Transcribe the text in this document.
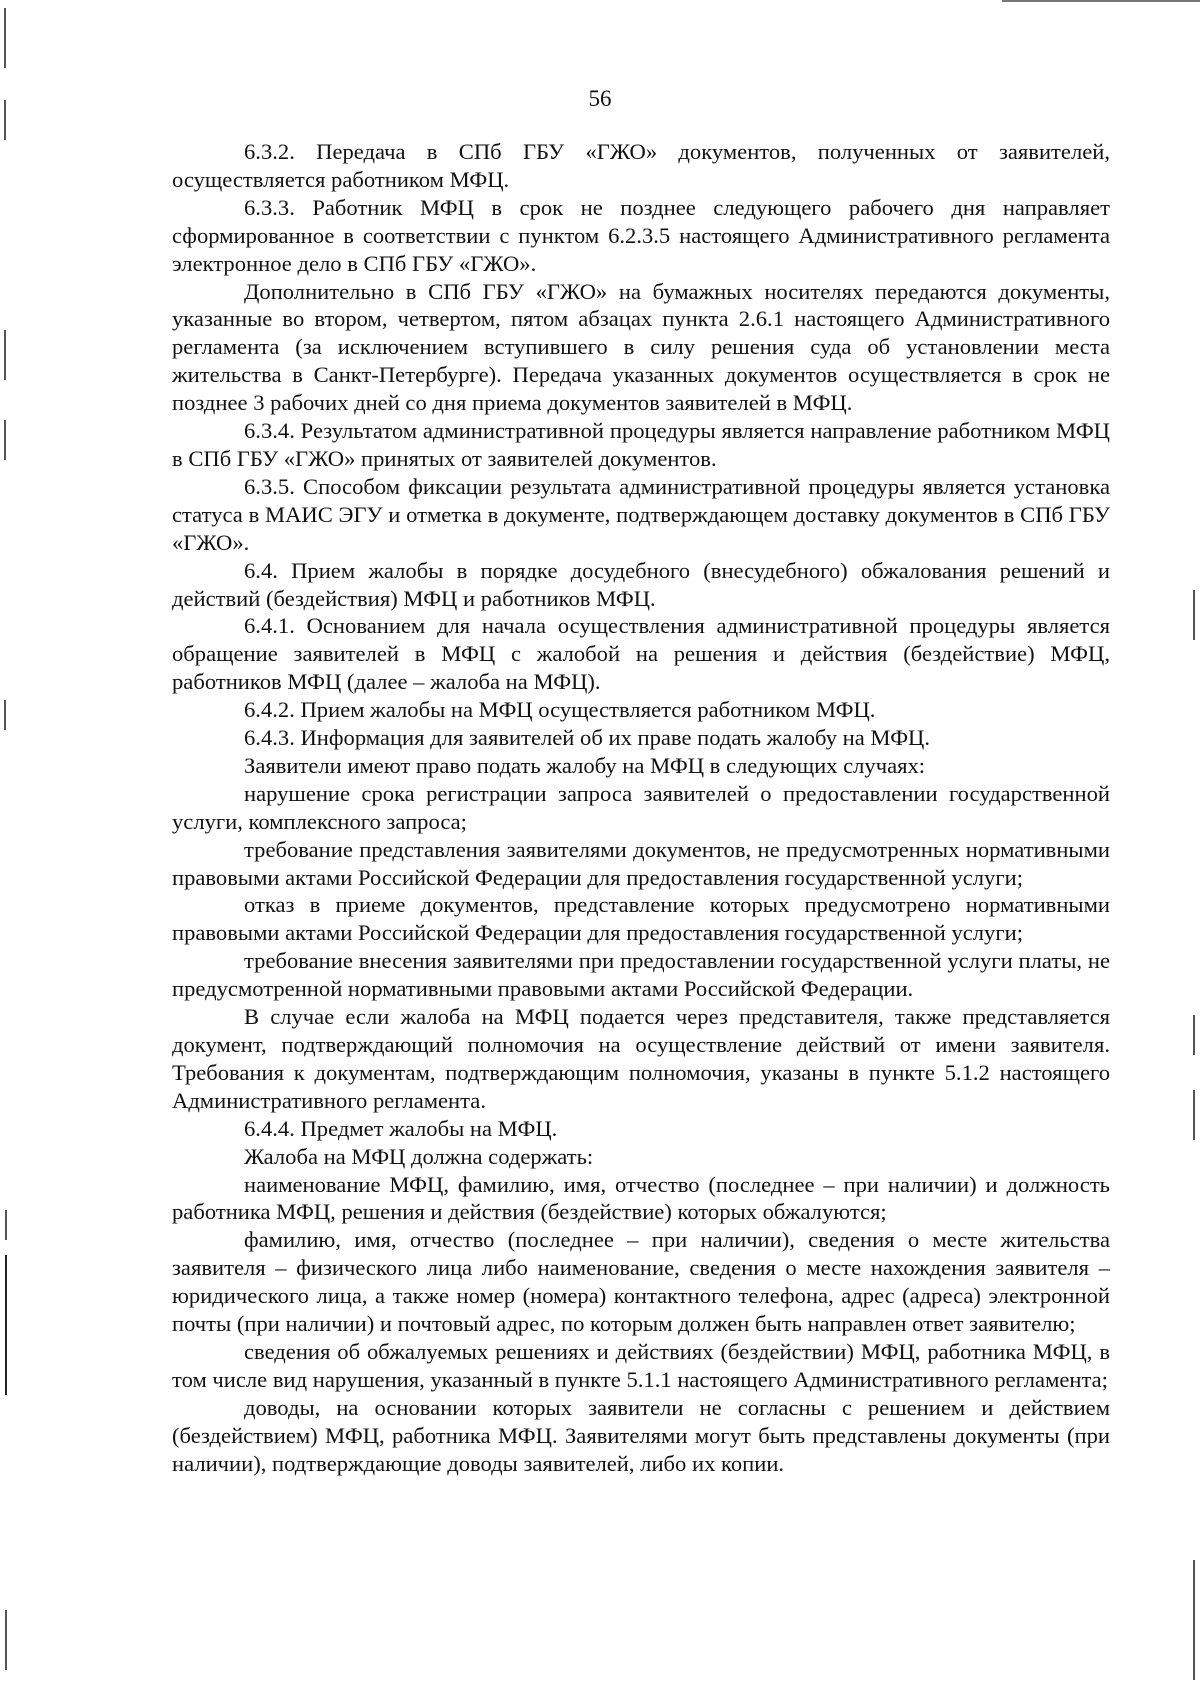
56

6.3.2. Передача в СПб ГБУ «ГЖО» документов, полученных от заявителей, осуществляется работником МФЦ.

6.3.3. Работник МФЦ в срок не позднее следующего рабочего дня направляет сформированное в соответствии с пунктом 6.2.3.5 настоящего Административного регламента электронное дело в СПб ГБУ «ГЖО».

Дополнительно в СПб ГБУ «ГЖО» на бумажных носителях передаются документы, указанные во втором, четвертом, пятом абзацах пункта 2.6.1 настоящего Административного регламента (за исключением вступившего в силу решения суда об установлении места жительства в Санкт-Петербурге). Передача указанных документов осуществляется в срок не позднее 3 рабочих дней со дня приема документов заявителей в МФЦ.

6.3.4. Результатом административной процедуры является направление работником МФЦ в СПб ГБУ «ГЖО» принятых от заявителей документов.

6.3.5. Способом фиксации результата административной процедуры является установка статуса в МАИС ЭГУ и отметка в документе, подтверждающем доставку документов в СПб ГБУ «ГЖО».

6.4. Прием жалобы в порядке досудебного (внесудебного) обжалования решений и действий (бездействия) МФЦ и работников МФЦ.

6.4.1. Основанием для начала осуществления административной процедуры является обращение заявителей в МФЦ с жалобой на решения и действия (бездействие) МФЦ, работников МФЦ (далее – жалоба на МФЦ).

6.4.2. Прием жалобы на МФЦ осуществляется работником МФЦ.

6.4.3. Информация для заявителей об их праве подать жалобу на МФЦ.

Заявители имеют право подать жалобу на МФЦ в следующих случаях:

нарушение срока регистрации запроса заявителей о предоставлении государственной услуги, комплексного запроса;

требование представления заявителями документов, не предусмотренных нормативными правовыми актами Российской Федерации для предоставления государственной услуги;

отказ в приеме документов, представление которых предусмотрено нормативными правовыми актами Российской Федерации для предоставления государственной услуги;

требование внесения заявителями при предоставлении государственной услуги платы, не предусмотренной нормативными правовыми актами Российской Федерации.

В случае если жалоба на МФЦ подается через представителя, также представляется документ, подтверждающий полномочия на осуществление действий от имени заявителя. Требования к документам, подтверждающим полномочия, указаны в пункте 5.1.2 настоящего Административного регламента.

6.4.4. Предмет жалобы на МФЦ.

Жалоба на МФЦ должна содержать:

наименование МФЦ, фамилию, имя, отчество (последнее – при наличии) и должность работника МФЦ, решения и действия (бездействие) которых обжалуются;

фамилию, имя, отчество (последнее – при наличии), сведения о месте жительства заявителя – физического лица либо наименование, сведения о месте нахождения заявителя – юридического лица, а также номер (номера) контактного телефона, адрес (адреса) электронной почты (при наличии) и почтовый адрес, по которым должен быть направлен ответ заявителю;

сведения об обжалуемых решениях и действиях (бездействии) МФЦ, работника МФЦ, в том числе вид нарушения, указанный в пункте 5.1.1 настоящего Административного регламента;

доводы, на основании которых заявители не согласны с решением и действием (бездействием) МФЦ, работника МФЦ. Заявителями могут быть представлены документы (при наличии), подтверждающие доводы заявителей, либо их копии.
